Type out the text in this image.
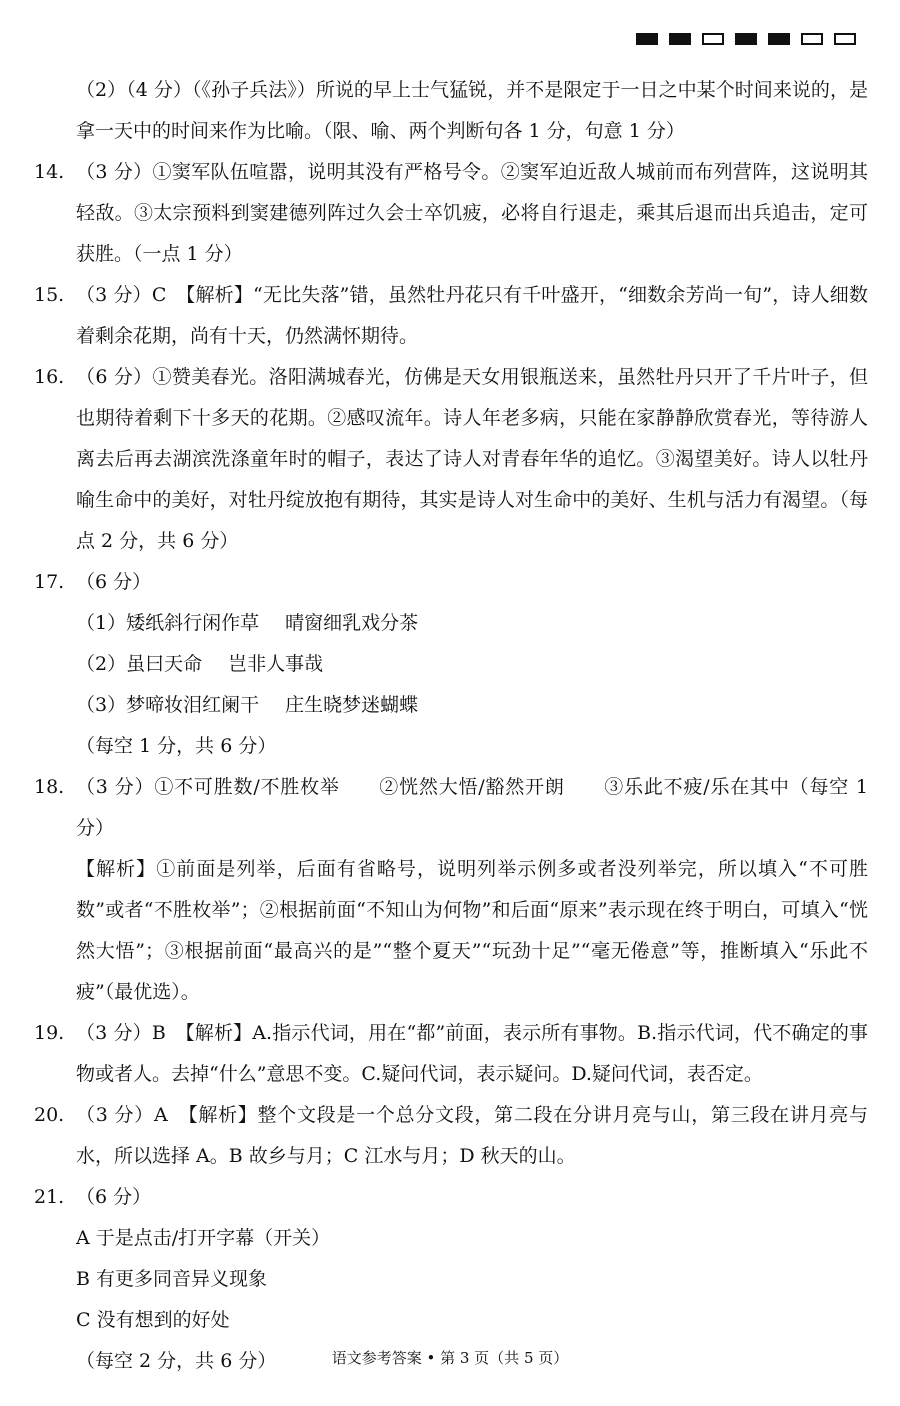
（2）（4 分）（《孙子兵法》）所说的早上士气猛锐，并不是限定于一日之中某个时间来说的，是拿一天中的时间来作为比喻。（限、喻、两个判断句各 1 分，句意 1 分）
14. （3 分）①窦军队伍喧嚣，说明其没有严格号令。②窦军迫近敌人城前而布列营阵，这说明其轻敌。③太宗预料到窦建德列阵过久会士卒饥疲，必将自行退走，乘其后退而出兵追击，定可获胜。（一点 1 分）
15. （3 分）C　【解析】“无比失落”错，虽然牡丹花只有千叶盛开，“细数余芳尚一旬”，诗人细数着剩余花期，尚有十天，仍然满怀期待。
16. （6 分）①赞美春光。洛阳满城春光，仿佛是天女用银瓶送来，虽然牡丹只开了千片叶子，但也期待着剩下十多天的花期。②感叹流年。诗人年老多病，只能在家静静欣赏春光，等待游人离去后再去湖滨洗涤童年时的帽子，表达了诗人对青春年华的追忆。③渴望美好。诗人以牡丹喻生命中的美好，对牡丹绽放抱有期待，其实是诗人对生命中的美好、生机与活力有渴望。（每点 2 分，共 6 分）
17. （6 分）
（1）矮纸斜行闲作草 晴窗细乳戏分茶
（2）虽曰天命 岂非人事哉
（3）梦啼妆泪红阑干 庄生晓梦迷蝴蝶
（每空 1 分，共 6 分）
18. （3 分）①不可胜数/不胜枚举　　②恍然大悟/豁然开朗　　③乐此不疲/乐在其中（每空 1 分）
【解析】①前面是列举，后面有省略号，说明列举示例多或者没列举完，所以填入“不可胜数”或者“不胜枚举”；②根据前面“不知山为何物”和后面“原来”表示现在终于明白，可填入“恍然大悟”；③根据前面“最高兴的是”“整个夏天”“玩劲十足”“毫无倦意”等，推断填入“乐此不疲”（最优选）。
19. （3 分）B　【解析】A.指示代词，用在“都”前面，表示所有事物。B.指示代词，代不确定的事物或者人。去掉“什么”意思不变。C.疑问代词，表示疑问。D.疑问代词，表否定。
20. （3 分）A　【解析】整个文段是一个总分文段，第二段在分讲月亮与山，第三段在讲月亮与水，所以选择 A。B 故乡与月；C 江水与月；D 秋天的山。
21. （6 分）
A 于是点击/打开字幕（开关）
B 有更多同音异义现象
C 没有想到的好处
（每空 2 分，共 6 分）	语文参考答案 • 第 3 页（共 5 页）
